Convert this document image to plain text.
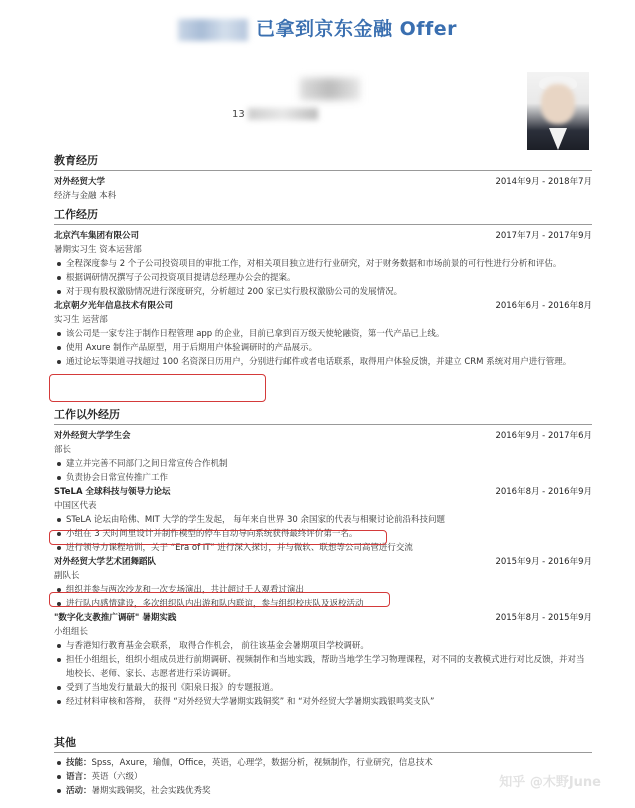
已拿到京东金融 Offer
13
教育经历
对外经贸大学	2014年9月 - 2018年7月
经济与金融 本科
工作经历
北京汽车集团有限公司	2017年7月 - 2017年9月
暑期实习生 资本运营部
全程深度参与 2 个子公司投资项目的审批工作，对相关项目独立进行行业研究，对于财务数据和市场前景的可行性进行分析和评估。
根据调研情况撰写子公司投资项目提请总经理办公会的提案。
对于现有股权激励情况进行深度研究，分析超过 200 家已实行股权激励公司的发展情况。
北京朝夕光年信息技术有限公司	2016年6月 - 2016年8月
实习生 运营部
该公司是一家专注于制作日程管理 app 的企业，目前已拿到百万级天使轮融资，第一代产品已上线。
使用 Axure 制作产品原型，用于后期用户体验调研时的产品展示。
通过论坛等渠道寻找超过 100 名资深日历用户，分别进行邮件或者电话联系，取得用户体验反馈，并建立 CRM 系统对用户进行管理。
工作以外经历
对外经贸大学学生会	2016年9月 - 2017年6月
部长
建立并完善不同部门之间日常宣传合作机制
负责协会日常宣传推广工作
STeLA 全球科技与领导力论坛	2016年8月 - 2016年9月
中国区代表
STeLA 论坛由哈佛、MIT 大学的学生发起， 每年来自世界 30 余国家的代表与相聚讨论前沿科技问题
小组在 3 天时间里设计并制作模型的停车自动导向系统获得最终评价第一名。
进行领导力课程培训，关于 “Era of IT” 进行深入探讨，并与微软、联想等公司高管进行交流
对外经贸大学艺术团舞蹈队	2015年9月 - 2016年9月
副队长
组织并参与两次沙龙和一次专场演出，共计超过千人观看过演出
进行队内感情建设，多次组织队内出游和队内联谊，参与组织校庆队及返校活动
"数字化支教推广调研" 暑期实践	2015年8月 - 2015年9月
小组组长
与香港知行教育基金会联系， 取得合作机会， 前往该基金会暑期项目学校调研。
担任小组组长，组织小组成员进行前期调研、视频制作和当地实践，帮助当地学生学习物理课程，对不同的支教模式进行对比反馈，并对当地校长、老师、家长、志愿者进行采访调研。
受到了当地发行量最大的报刊《阳泉日报》的专题报道。
经过材料审核和答辩， 获得 “对外经贸大学暑期实践铜奖” 和 “对外经贸大学暑期实践银鸣奖支队”
其他
技能：Spss，Axure，瑜伽，Office，英语，心理学，数据分析，视频制作，行业研究，信息技术
语言：英语（六级）
活动：暑期实践铜奖，社会实践优秀奖
知乎 @木野June
